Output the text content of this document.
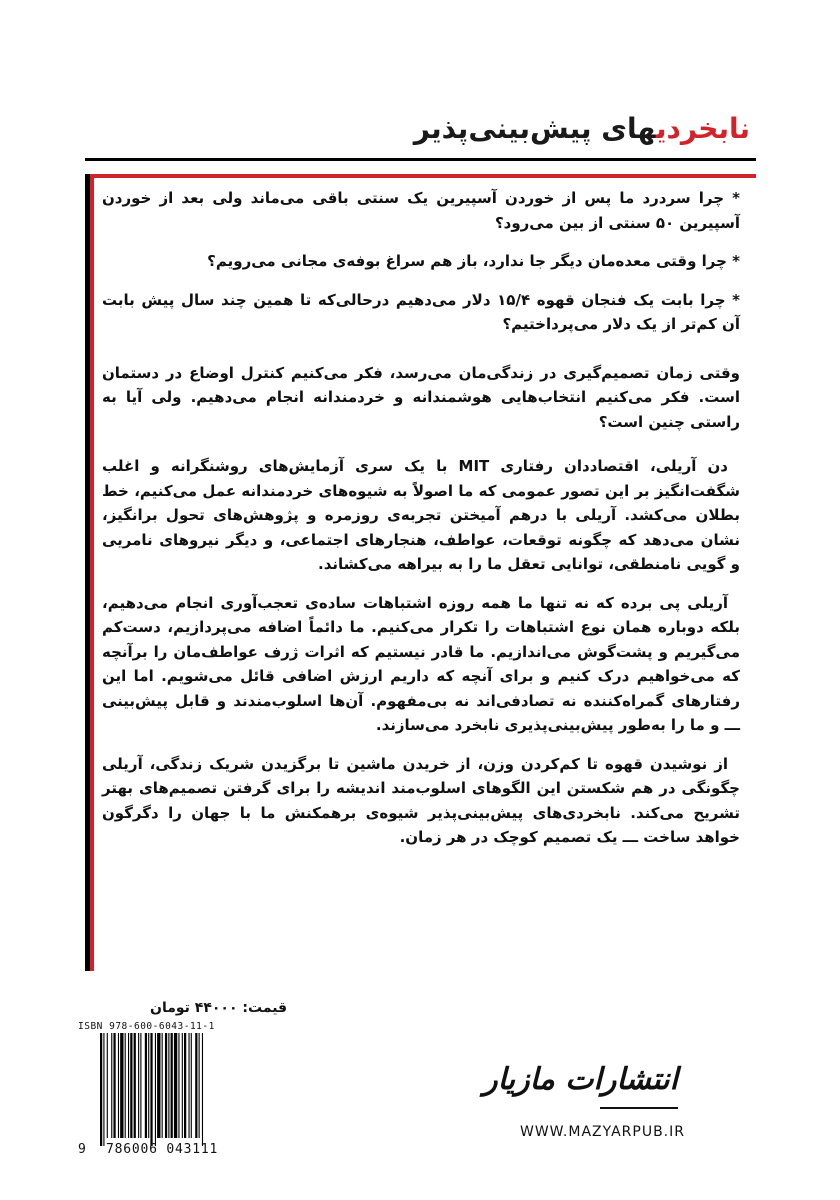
نابخردیهای پیش‌بینی‌پذیر

* چرا سردرد ما پس از خوردن آسپیرین یک سنتی باقی می‌ماند ولی بعد از خوردن آسپیرین ۵۰ سنتی از بین می‌رود؟

* چرا وقتی معده‌مان دیگر جا ندارد، باز هم سراغ بوفه‌ی مجانی می‌رویم؟

* چرا بابت یک فنجان قهوه ۱۵/۴ دلار می‌دهیم درحالی‌که تا همین چند سال پیش بابت آن کم‌تر از یک دلار می‌پرداختیم؟

وقتی زمان تصمیم‌گیری در زندگی‌مان می‌رسد، فکر می‌کنیم کنترل اوضاع در دستمان است. فکر می‌کنیم انتخاب‌هایی هوشمندانه و خردمندانه انجام می‌دهیم. ولی آیا به راستی چنین است؟

دن آریلی، اقتصاددان رفتاری MIT با یک سری آزمایش‌های روشنگرانه و اغلب شگفت‌انگیز بر این تصور عمومی که ما اصولاً به شیوه‌های خردمندانه عمل می‌کنیم، خط بطلان می‌کشد. آریلی با درهم آمیختن تجربه‌ی روزمره و پژوهش‌های تحول برانگیز، نشان می‌دهد که چگونه توقعات، عواطف، هنجارهای اجتماعی، و دیگر نیروهای نامریی و گویی نامنطقی، توانایی تعقل ما را به بیراهه می‌کشاند.

آریلی پی برده که نه تنها ما همه روزه اشتباهات ساده‌ی تعجب‌آوری انجام می‌دهیم، بلکه دوباره همان نوع اشتباهات را تکرار می‌کنیم. ما دائماً اضافه می‌پردازیم، دست‌کم می‌گیریم و پشت‌گوش می‌اندازیم. ما قادر نیستیم که اثرات ژرف عواطف‌مان را برآنچه که می‌خواهیم درک کنیم و برای آنچه که داریم ارزش اضافی قائل می‌شویم. اما این رفتارهای گمراه‌کننده نه تصادفی‌اند نه بی‌مفهوم. آن‌ها اسلوب‌مندند و قابل پیش‌بینی ـــ و ما را به‌طور پیش‌بینی‌پذیری نابخرد می‌سازند.

از نوشیدن قهوه تا کم‌کردن وزن، از خریدن ماشین تا برگزیدن شریک زندگی، آریلی چگونگی در هم شکستن این الگوهای اسلوب‌مند اندیشه را برای گرفتن تصمیم‌های بهتر تشریح می‌کند. نابخردی‌های پیش‌بینی‌پذیر شیوه‌ی برهمکنش ما با جهان را دگرگون خواهد ساخت ـــ یک تصمیم کوچک در هر زمان.

قیمت: ۴۴۰۰۰ تومان
ISBN 978-600-6043-11-1
9 786006 043111
انتشارات مازیار
WWW.MAZYARPUB.IR
